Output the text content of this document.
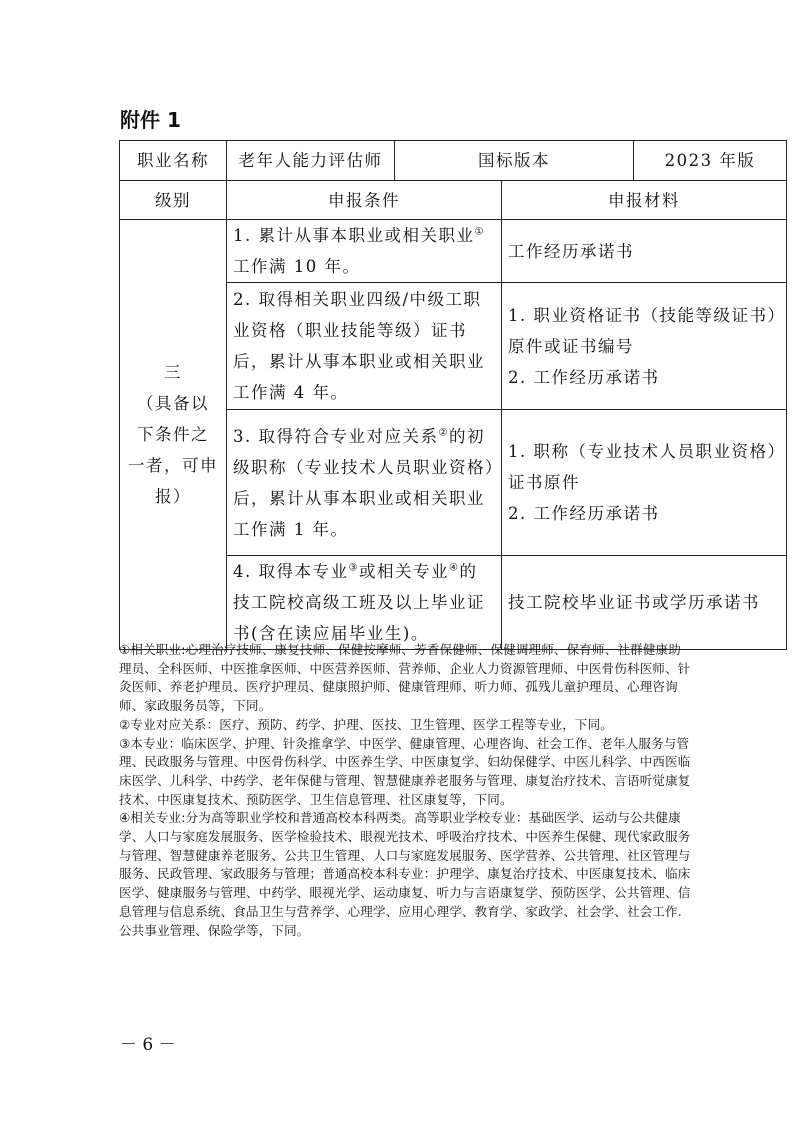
附件 1
职业名称	老年人能力评估师	国标版本		2023 年版
级别	申报条件		申报材料	

三
（具备以
下条件之
一者，可申
报）	1. 累计从事本职业或相关职业①工作满 10 年。		工作经历承诺书	
	2. 取得相关职业四级/中级工职业资格（职业技能等级）证书后，累计从事本职业或相关职业工作满 4 年。		1. 职业资格证书（技能等级证书）原件或证书编号
2. 工作经历承诺书	

	3. 取得符合专业对应关系②的初级职称（专业技术人员职业资格）后，累计从事本职业或相关职业工作满 1 年。		1. 职称（专业技术人员职业资格）证书原件
2. 工作经历承诺书	

	4. 取得本专业③或相关专业④的技工院校高级工班及以上毕业证书(含在读应届毕业生)。		技工院校毕业证书或学历承诺书	

①相关职业:心理治疗技师、康复技师、保健按摩师、芳香保健师、保健调理师、保育师、社群健康助理员、全科医师、中医推拿医师、中医营养医师、营养师、企业人力资源管理师、中医骨伤科医师、针灸医师、养老护理员、医疗护理员、健康照护师、健康管理师、听力师、孤残儿童护理员、心理咨询师、家政服务员等，下同。

②专业对应关系：医疗、预防、药学、护理、医技、卫生管理、医学工程等专业，下同。

③本专业：临床医学、护理、针灸推拿学、中医学、健康管理、心理咨询、社会工作、老年人服务与管理、民政服务与管理、中医骨伤科学、中医养生学、中医康复学、妇幼保健学、中医儿科学、中西医临床医学、儿科学、中药学、老年保健与管理、智慧健康养老服务与管理、康复治疗技术、言语听觉康复技术、中医康复技术、预防医学、卫生信息管理、社区康复等，下同。

④相关专业:分为高等职业学校和普通高校本科两类。高等职业学校专业：基础医学、运动与公共健康学、人口与家庭发展服务、医学检验技术、眼视光技术、呼吸治疗技术、中医养生保健、现代家政服务与管理、智慧健康养老服务、公共卫生管理、人口与家庭发展服务、医学营养、公共管理、社区管理与服务、民政管理、家政服务与管理；普通高校本科专业：护理学、康复治疗技术、中医康复技术、临床医学、健康服务与管理、中药学、眼视光学、运动康复、听力与言语康复学、预防医学、公共管理、信息管理与信息系统、食品卫生与营养学、心理学、应用心理学、教育学、家政学、社会学、社会工作.公共事业管理、保险学等，下同。

－ 6 －
